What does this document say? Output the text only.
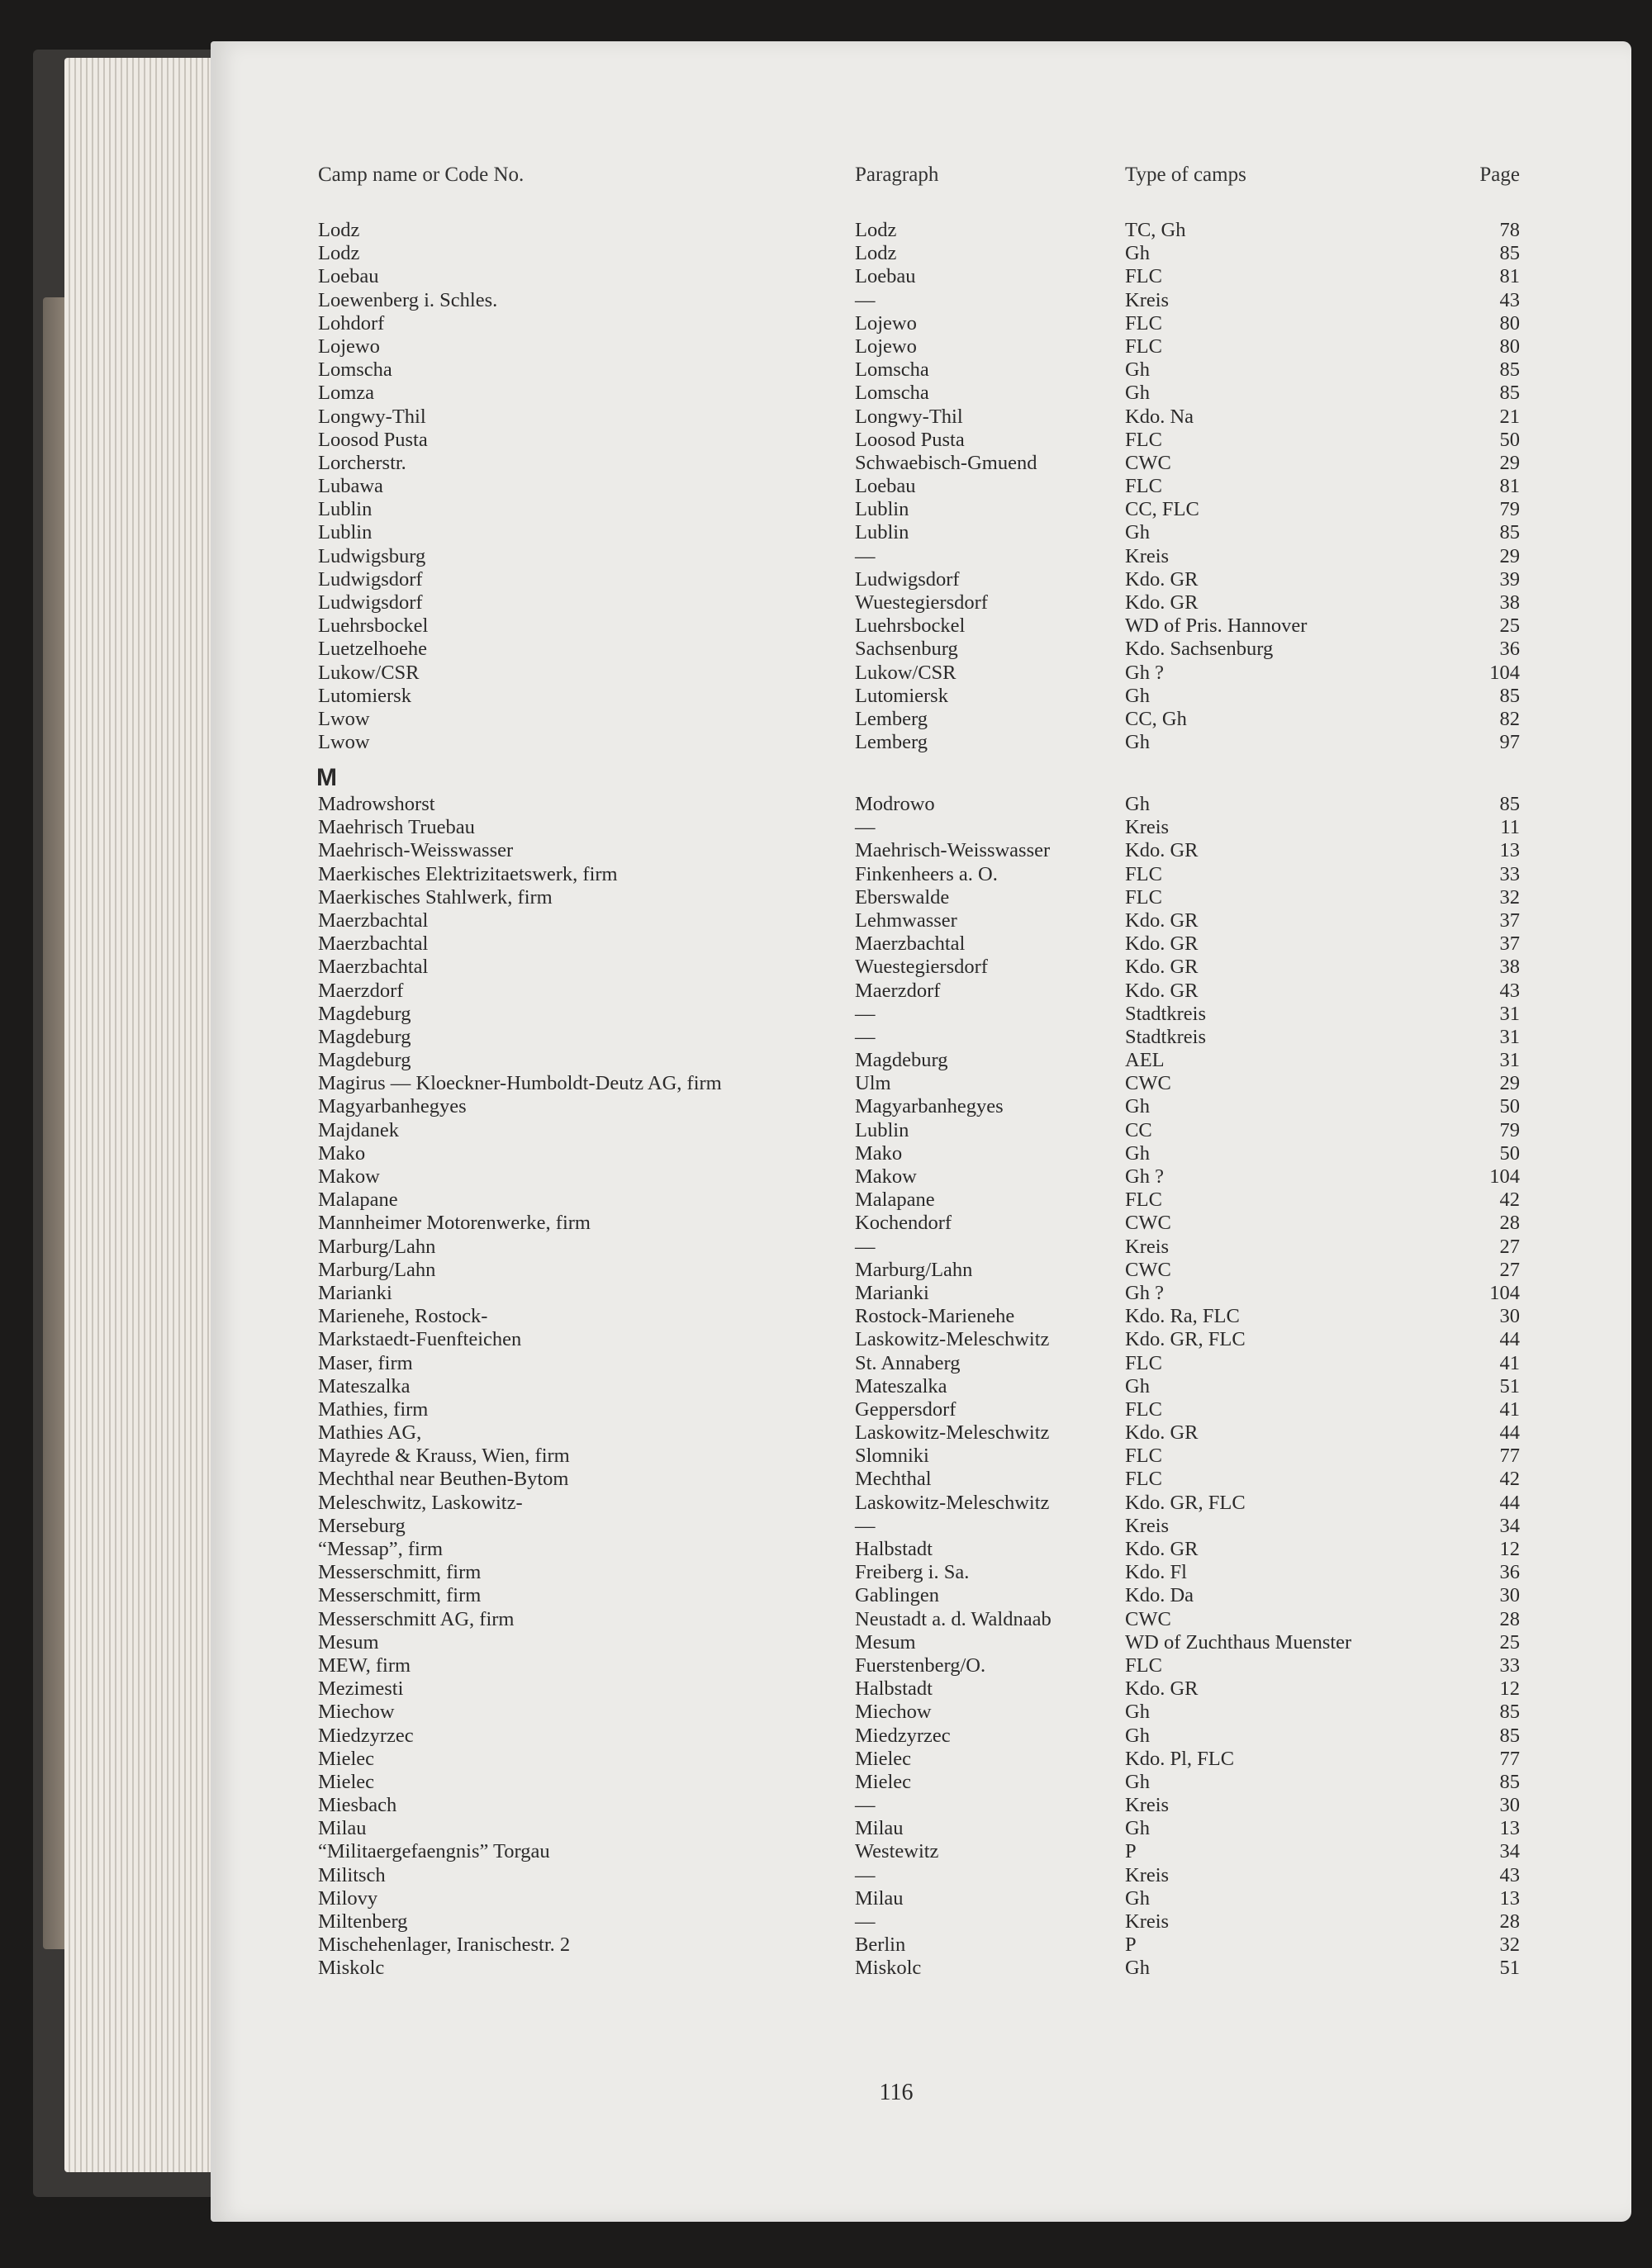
Camp name or Code No.	Paragraph	Type of camps	Page
Lodz	Lodz	TC, Gh	78
Lodz	Lodz	Gh	85
Loebau	Loebau	FLC	81
Loewenberg i. Schles.	—	Kreis	43
Lohdorf	Lojewo	FLC	80
Lojewo	Lojewo	FLC	80
Lomscha	Lomscha	Gh	85
Lomza	Lomscha	Gh	85
Longwy-Thil	Longwy-Thil	Kdo. Na	21
Loosod Pusta	Loosod Pusta	FLC	50
Lorcherstr.	Schwaebisch-Gmuend	CWC	29
Lubawa	Loebau	FLC	81
Lublin	Lublin	CC, FLC	79
Lublin	Lublin	Gh	85
Ludwigsburg	—	Kreis	29
Ludwigsdorf	Ludwigsdorf	Kdo. GR	39
Ludwigsdorf	Wuestegiersdorf	Kdo. GR	38
Luehrsbockel	Luehrsbockel	WD of Pris. Hannover	25
Luetzelhoehe	Sachsenburg	Kdo. Sachsenburg	36
Lukow/CSR	Lukow/CSR	Gh ?	104
Lutomiersk	Lutomiersk	Gh	85
Lwow	Lemberg	CC, Gh	82
Lwow	Lemberg	Gh	97
M
Madrowshorst	Modrowo	Gh	85
Maehrisch Truebau	—	Kreis	11
Maehrisch-Weisswasser	Maehrisch-Weisswasser	Kdo. GR	13
Maerkisches Elektrizitaetswerk, firm	Finkenheers a. O.	FLC	33
Maerkisches Stahlwerk, firm	Eberswalde	FLC	32
Maerzbachtal	Lehmwasser	Kdo. GR	37
Maerzbachtal	Maerzbachtal	Kdo. GR	37
Maerzbachtal	Wuestegiersdorf	Kdo. GR	38
Maerzdorf	Maerzdorf	Kdo. GR	43
Magdeburg	—	Stadtkreis	31
Magdeburg	—	Stadtkreis	31
Magdeburg	Magdeburg	AEL	31
Magirus — Kloeckner-Humboldt-Deutz AG, firm	Ulm	CWC	29
Magyarbanhegyes	Magyarbanhegyes	Gh	50
Majdanek	Lublin	CC	79
Mako	Mako	Gh	50
Makow	Makow	Gh ?	104
Malapane	Malapane	FLC	42
Mannheimer Motorenwerke, firm	Kochendorf	CWC	28
Marburg/Lahn	—	Kreis	27
Marburg/Lahn	Marburg/Lahn	CWC	27
Marianki	Marianki	Gh ?	104
Marienehe, Rostock-	Rostock-Marienehe	Kdo. Ra, FLC	30
Markstaedt-Fuenfteichen	Laskowitz-Meleschwitz	Kdo. GR, FLC	44
Maser, firm	St. Annaberg	FLC	41
Mateszalka	Mateszalka	Gh	51
Mathies, firm	Geppersdorf	FLC	41
Mathies AG,	Laskowitz-Meleschwitz	Kdo. GR	44
Mayrede & Krauss, Wien, firm	Slomniki	FLC	77
Mechthal near Beuthen-Bytom	Mechthal	FLC	42
Meleschwitz, Laskowitz-	Laskowitz-Meleschwitz	Kdo. GR, FLC	44
Merseburg	—	Kreis	34
“Messap”, firm	Halbstadt	Kdo. GR	12
Messerschmitt, firm	Freiberg i. Sa.	Kdo. Fl	36
Messerschmitt, firm	Gablingen	Kdo. Da	30
Messerschmitt AG, firm	Neustadt a. d. Waldnaab	CWC	28
Mesum	Mesum	WD of Zuchthaus Muenster	25
MEW, firm	Fuerstenberg/O.	FLC	33
Mezimesti	Halbstadt	Kdo. GR	12
Miechow	Miechow	Gh	85
Miedzyrzec	Miedzyrzec	Gh	85
Mielec	Mielec	Kdo. Pl, FLC	77
Mielec	Mielec	Gh	85
Miesbach	—	Kreis	30
Milau	Milau	Gh	13
“Militaergefaengnis” Torgau	Westewitz	P	34
Militsch	—	Kreis	43
Milovy	Milau	Gh	13
Miltenberg	—	Kreis	28
Mischehenlager, Iranischestr. 2	Berlin	P	32
Miskolc	Miskolc	Gh	51
116
